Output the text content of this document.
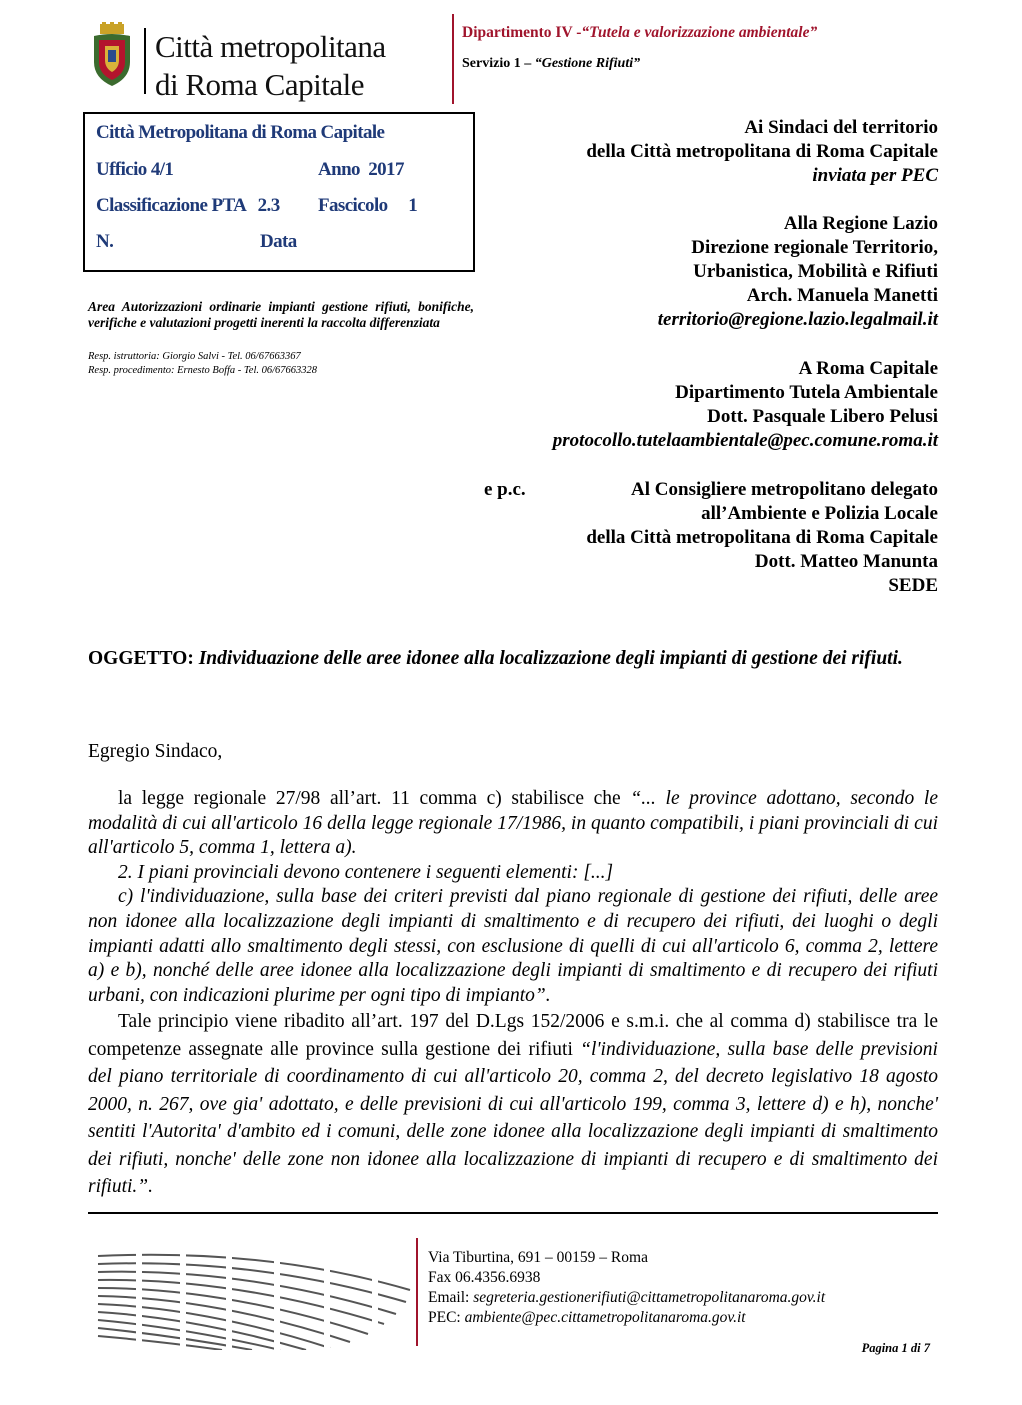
Città metropolitana
di Roma Capitale
Dipartimento IV -“Tutela e valorizzazione ambientale”
Servizio 1 – “Gestione Rifiuti”
Città Metropolitana di Roma Capitale
Ufficio 4/1	Anno  2017
Classificazione PTA   2.3 Fascicolo     1
N.	Data
Area Autorizzazioni ordinarie impianti gestione rifiuti, bonifiche, verifiche e valutazioni progetti inerenti la raccolta differenziata
Resp. istruttoria: Giorgio Salvi - Tel. 06/67663367
Resp. procedimento: Ernesto Boffa - Tel. 06/67663328
Ai Sindaci del territorio
della Città metropolitana di Roma Capitale
inviata per PEC
Alla Regione Lazio
Direzione regionale Territorio,
Urbanistica, Mobilità e Rifiuti
Arch. Manuela Manetti
territorio@regione.lazio.legalmail.it
A Roma Capitale
Dipartimento Tutela Ambientale
Dott. Pasquale Libero Pelusi
protocollo.tutelaambientale@pec.comune.roma.it
e p.c.	Al Consigliere metropolitano delegato
all’Ambiente e Polizia Locale
della Città metropolitana di Roma Capitale
Dott. Matteo Manunta
SEDE
OGGETTO: Individuazione delle aree idonee alla localizzazione degli impianti di gestione dei rifiuti.
Egregio Sindaco,
la legge regionale 27/98 all’art. 11 comma c) stabilisce che “... le province adottano, secondo le modalità di cui all'articolo 16 della legge regionale 17/1986, in quanto compatibili, i piani provinciali di cui all'articolo 5, comma 1, lettera a).
2. I piani provinciali devono contenere i seguenti elementi: [...]
c) l'individuazione, sulla base dei criteri previsti dal piano regionale di gestione dei rifiuti, delle aree non idonee alla localizzazione degli impianti di smaltimento e di recupero dei rifiuti, dei luoghi o degli impianti adatti allo smaltimento degli stessi, con esclusione di quelli di cui all'articolo 6, comma 2, lettere a) e b), nonché delle aree idonee alla localizzazione degli impianti di smaltimento e di recupero dei rifiuti urbani, con indicazioni plurime per ogni tipo di impianto”.
Tale principio viene ribadito all’art. 197 del D.Lgs 152/2006 e s.m.i. che al comma d) stabilisce tra le competenze assegnate alle province sulla gestione dei rifiuti “l'individuazione, sulla base delle previsioni del piano territoriale di coordinamento di cui all'articolo 20, comma 2, del decreto legislativo 18 agosto 2000, n. 267, ove gia' adottato, e delle previsioni di cui all'articolo 199, comma 3, lettere d) e h), nonche' sentiti l'Autorita' d'ambito ed i comuni, delle zone idonee alla localizzazione degli impianti di smaltimento dei rifiuti, nonche' delle zone non idonee alla localizzazione di impianti di recupero e di smaltimento dei rifiuti.”.
Via Tiburtina, 691 – 00159 – Roma
Fax 06.4356.6938
Email: segreteria.gestionerifiuti@cittametropolitanaroma.gov.it
PEC: ambiente@pec.cittametropolitanaroma.gov.it
Pagina 1 di 7
